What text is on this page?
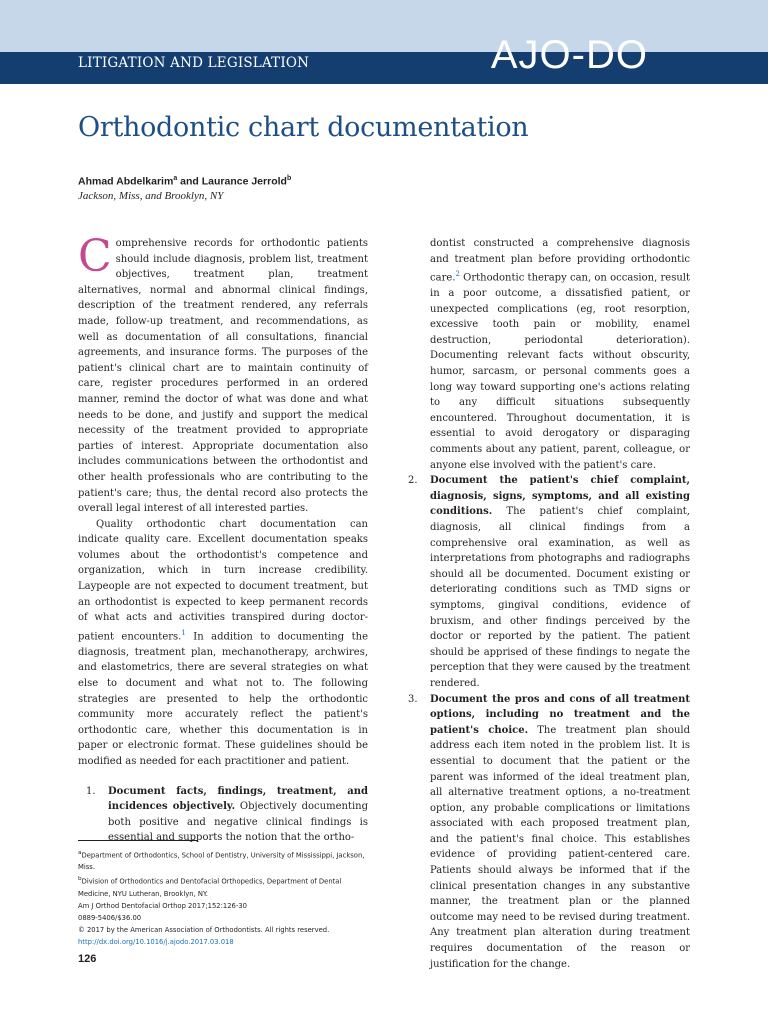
LITIGATION AND LEGISLATION	AJO-DO
Orthodontic chart documentation
Ahmad Abdelkarim$^a$ and Laurance Jerrold$^b$
Jackson, Miss, and Brooklyn, NY

Comprehensive records for orthodontic patients should include diagnosis, problem list, treatment objectives, treatment plan, treatment alternatives, normal and abnormal clinical findings, description of the treatment rendered, any referrals made, follow-up treatment, and recommendations, as well as documentation of all consultations, financial agreements, and insurance forms. The purposes of the patient's clinical chart are to maintain continuity of care, register procedures performed in an ordered manner, remind the doctor of what was done and what needs to be done, and justify and support the medical necessity of the treatment provided to appropriate parties of interest. Appropriate documentation also includes communications between the orthodontist and other health professionals who are contributing to the patient's care; thus, the dental record also protects the overall legal interest of all interested parties.

Quality orthodontic chart documentation can indicate quality care. Excellent documentation speaks volumes about the orthodontist's competence and organization, which in turn increase credibility. Laypeople are not expected to document treatment, but an orthodontist is expected to keep permanent records of what acts and activities transpired during doctor-patient encounters.$^1$ In addition to documenting the diagnosis, treatment plan, mechanotherapy, archwires, and elastometrics, there are several strategies on what else to document and what not to. The following strategies are presented to help the orthodontic community more accurately reflect the patient's orthodontic care, whether this documentation is in paper or electronic format. These guidelines should be modified as needed for each practitioner and patient.

1. Document facts, findings, treatment, and incidences objectively. Objectively documenting both positive and negative clinical findings is essential and supports the notion that the ortho-

dontist constructed a comprehensive diagnosis and treatment plan before providing orthodontic care.$^2$ Orthodontic therapy can, on occasion, result in a poor outcome, a dissatisfied patient, or unexpected complications (eg, root resorption, excessive tooth pain or mobility, enamel destruction, periodontal deterioration). Documenting relevant facts without obscurity, humor, sarcasm, or personal comments goes a long way toward supporting one's actions relating to any difficult situations subsequently encountered. Throughout documentation, it is essential to avoid derogatory or disparaging comments about any patient, parent, colleague, or anyone else involved with the patient's care.

2. Document the patient's chief complaint, diagnosis, signs, symptoms, and all existing conditions. The patient's chief complaint, diagnosis, all clinical findings from a comprehensive oral examination, as well as interpretations from photographs and radiographs should all be documented. Document existing or deteriorating conditions such as TMD signs or symptoms, gingival conditions, evidence of bruxism, and other findings perceived by the doctor or reported by the patient. The patient should be apprised of these findings to negate the perception that they were caused by the treatment rendered.
3. Document the pros and cons of all treatment options, including no treatment and the patient's choice. The treatment plan should address each item noted in the problem list. It is essential to document that the patient or the parent was informed of the ideal treatment plan, all alternative treatment options, a no-treatment option, any probable complications or limitations associated with each proposed treatment plan, and the patient's final choice. This establishes evidence of providing patient-centered care. Patients should always be informed that if the clinical presentation changes in any substantive manner, the treatment plan or the planned outcome may need to be revised during treatment. Any treatment plan alteration during treatment requires documentation of the reason or justification for the change.
$^a$Department of Orthodontics, School of Dentistry, University of Mississippi, Jackson, Miss.
$^b$Division of Orthodontics and Dentofacial Orthopedics, Department of Dental Medicine, NYU Lutheran, Brooklyn, NY.
Am J Orthod Dentofacial Orthop 2017;152:126-30
0889-5406/$36.00
© 2017 by the American Association of Orthodontists. All rights reserved.
http://dx.doi.org/10.1016/j.ajodo.2017.03.018
126
